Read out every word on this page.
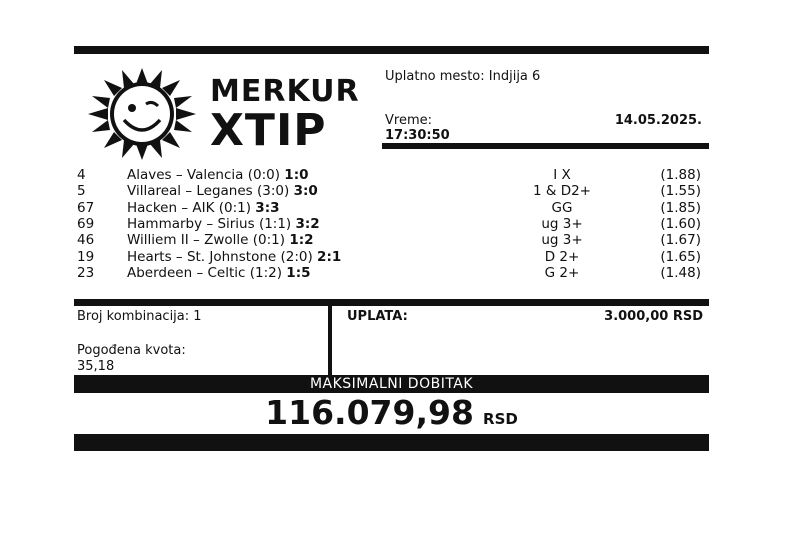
MERKUR
XTIP
Uplatno mesto: Indjija 6
Vreme:
17:30:50
14.05.2025.
4	Alaves – Valencia (0:0) 1:0	I X	(1.88)
5	Villareal – Leganes (3:0) 3:0	1 & D2+	(1.55)
67 Hacken – AIK (0:1) 3:3	GG	(1.85)
69 Hammarby – Sirius (1:1) 3:2	ug 3+	(1.60)
46 Williem II – Zwolle (0:1) 1:2	ug 3+	(1.67)
19 Hearts – St. Johnstone (2:0) 2:1	D 2+	(1.65)
23 Aberdeen – Celtic (1:2) 1:5	G 2+	(1.48)
Broj kombinacija: 1
Pogođena kvota:
35,18
UPLATA:	3.000,00 RSD
MAKSIMALNI DOBITAK
116.079,98 RSD
